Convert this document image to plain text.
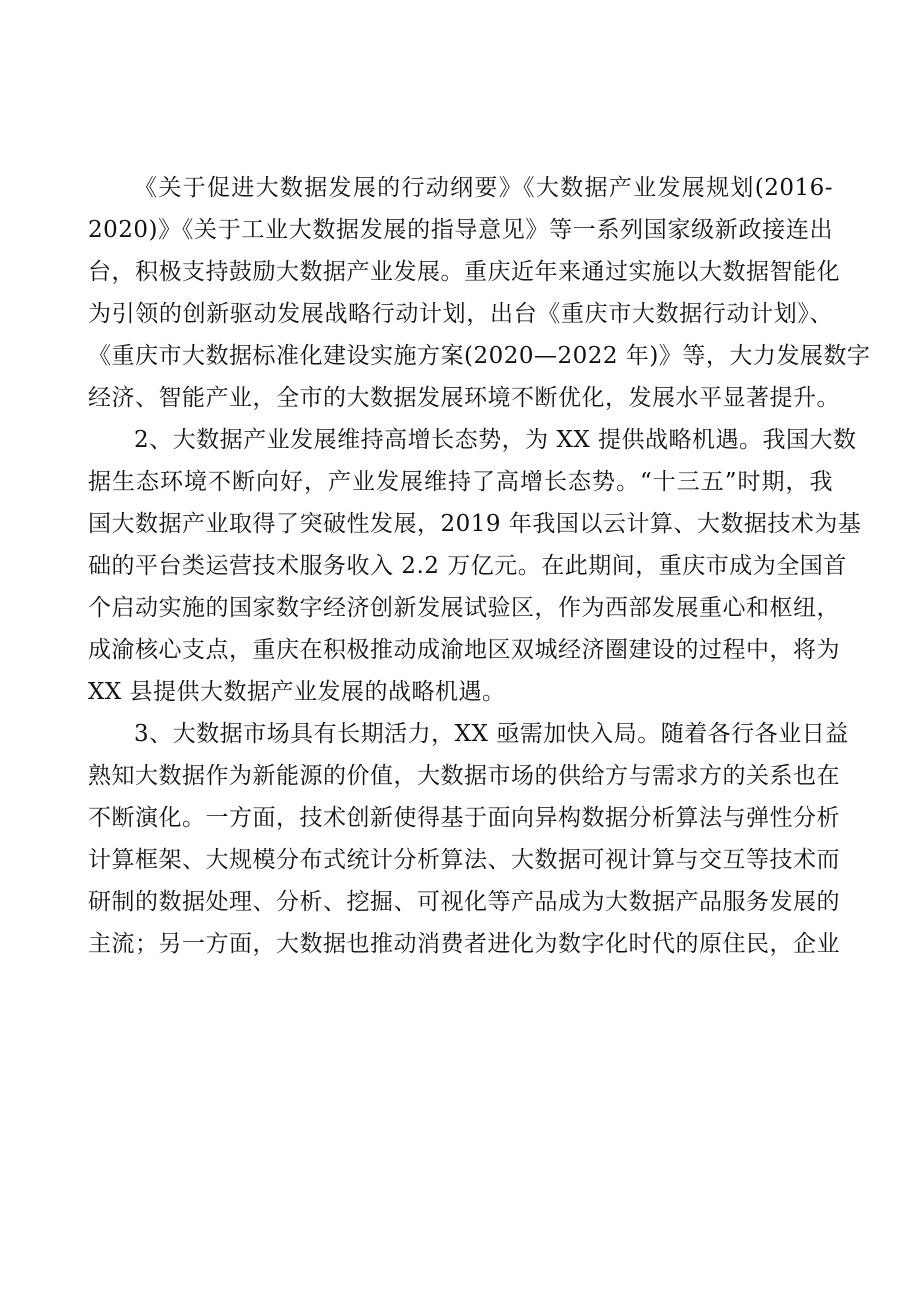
《关于促进大数据发展的行动纲要》《大数据产业发展规划(2016-
2020)》《关于工业大数据发展的指导意见》等一系列国家级新政接连出
台，积极支持鼓励大数据产业发展。重庆近年来通过实施以大数据智能化
为引领的创新驱动发展战略行动计划，出台《重庆市大数据行动计划》、
《重庆市大数据标准化建设实施方案(2020—2022 年)》等，大力发展数字
经济、智能产业，全市的大数据发展环境不断优化，发展水平显著提升。
2、大数据产业发展维持高增长态势，为 XX 提供战略机遇。我国大数
据生态环境不断向好，产业发展维持了高增长态势。“十三五”时期，我
国大数据产业取得了突破性发展，2019 年我国以云计算、大数据技术为基
础的平台类运营技术服务收入 2.2 万亿元。在此期间，重庆市成为全国首
个启动实施的国家数字经济创新发展试验区，作为西部发展重心和枢纽，
成渝核心支点，重庆在积极推动成渝地区双城经济圈建设的过程中，将为
XX 县提供大数据产业发展的战略机遇。
3、大数据市场具有长期活力，XX 亟需加快入局。随着各行各业日益
熟知大数据作为新能源的价值，大数据市场的供给方与需求方的关系也在
不断演化。一方面，技术创新使得基于面向异构数据分析算法与弹性分析
计算框架、大规模分布式统计分析算法、大数据可视计算与交互等技术而
研制的数据处理、分析、挖掘、可视化等产品成为大数据产品服务发展的
主流；另一方面，大数据也推动消费者进化为数字化时代的原住民，企业
